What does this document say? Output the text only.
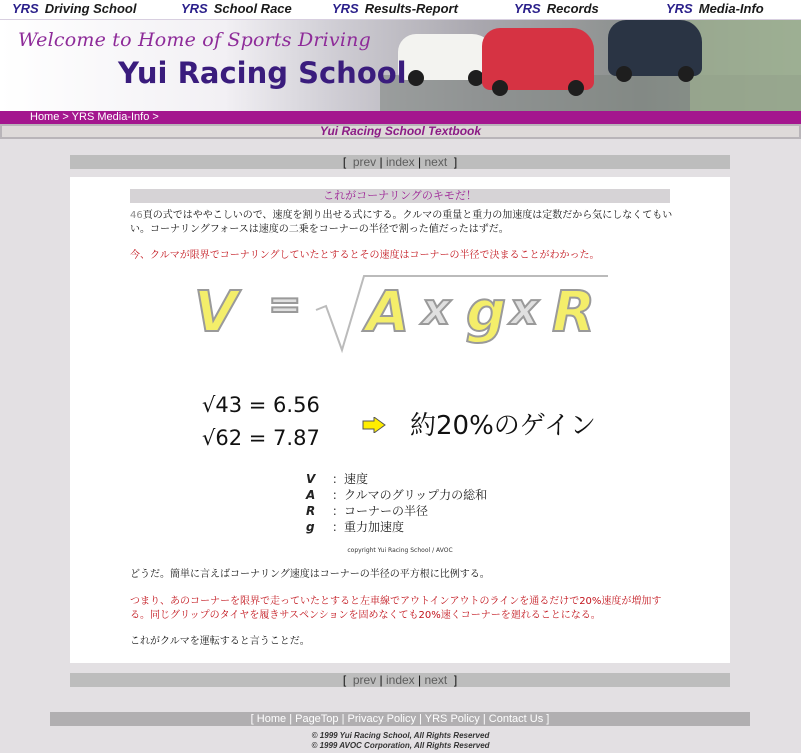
YRS Driving School	YRS School Race	YRS Results-Report	YRS Records	YRS Media-Info
Welcome to Home of Sports Driving
Yui Racing School
Home > YRS Media-Info >
Yui Racing School Textbook
[ prev | index | next ]
これがコーナリングのキモだ！
46頁の式ではややこしいので、速度を割り出せる式にする。クルマの重量と重力の加速度は定数だから気にしなくてもいい。コーナリングフォースは速度の二乗をコーナーの半径で割った値だったはずだ。
今、クルマが限界でコーナリングしていたとするとその速度はコーナーの半径で決まることがわかった。
V = A x g x R
√43 = 6.56
√62 = 7.87	約20%のゲイン
V ：速度
A ：クルマのグリップ力の総和
R ：コーナーの半径
g ：重力加速度
copyright Yui Racing School / AVOC
どうだ。簡単に言えばコーナリング速度はコーナーの半径の平方根に比例する。
つまり、あのコーナーを限界で走っていたとすると左車線でアウトインアウトのラインを通るだけで20%速度が増加する。同じグリップのタイヤを履きサスペンションを固めなくても20%速くコーナーを廻れることになる。
これがクルマを運転すると言うことだ。
[ prev | index | next ]
[ Home | PageTop | Privacy Policy | YRS Policy | Contact Us ]
© 1999 Yui Racing School, All Rights Reserved
© 1999 AVOC Corporation, All Rights Reserved
